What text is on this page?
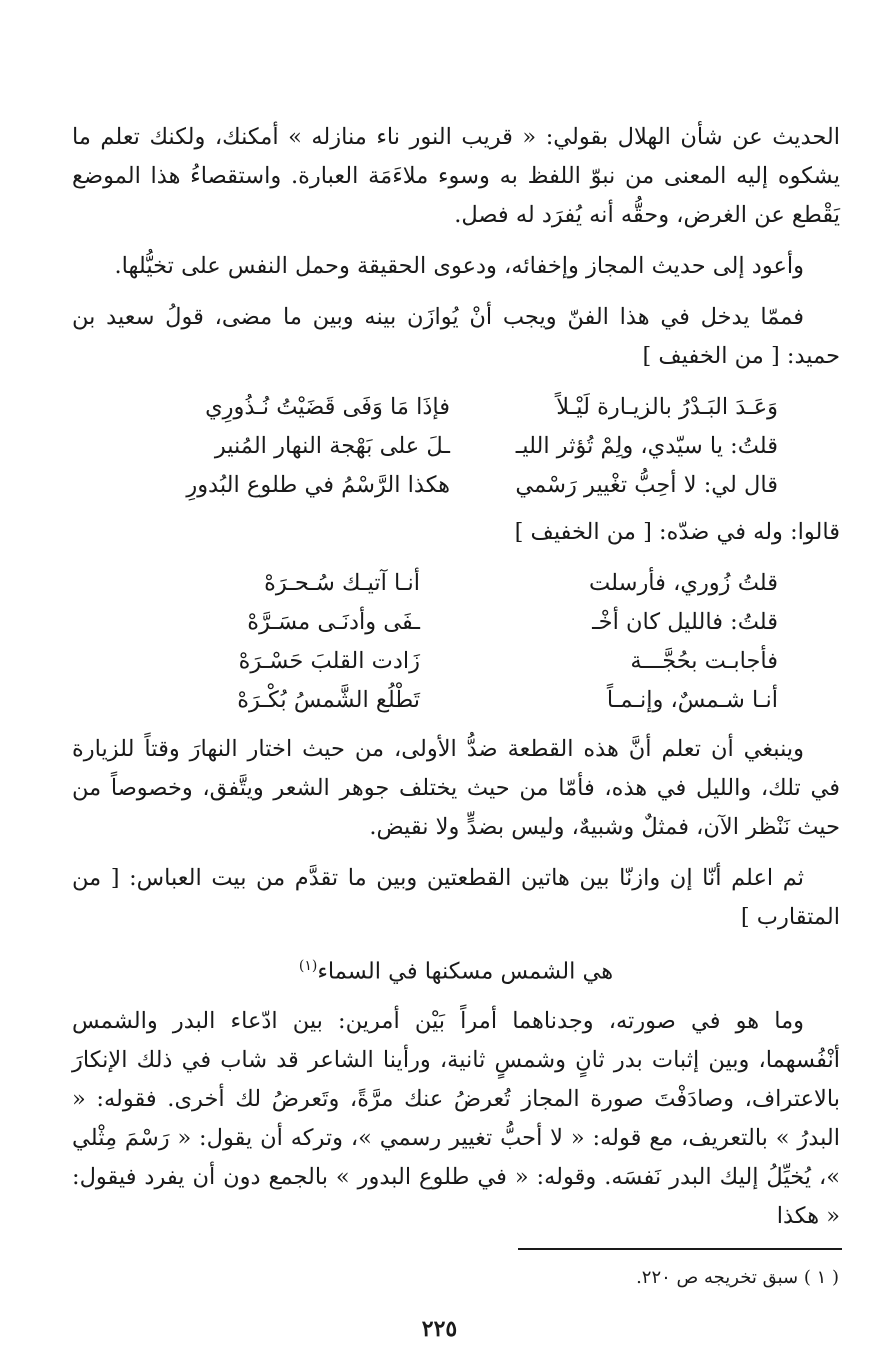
الحديث عن شأن الهلال بقولي: « قريب النور ناء منازله » أمكنك، ولكنك تعلم ما يشكوه إليه المعنى من نبوّ اللفظ به وسوء ملاءَمَة العبارة. واستقصاءُ هذا الموضع يَقْطع عن الغرض، وحقُّه أنه يُفرَد له فصل.

وأعود إلى حديث المجاز وإخفائه، ودعوى الحقيقة وحمل النفس على تخيُّلها.

فممّا يدخل في هذا الفنّ ويجب أنْ يُوازَن بينه وبين ما مضى، قولُ سعيد بن حميد: [ من الخفيف ]

وَعَـدَ البَـدْرُ بالزيـارة لَيْـلاً
فإذَا مَا وَفَى قَضَيْتُ نُـذُورِي
قلتُ: يا سيّدي، ولِمْ تُؤثر الليـ
ـلَ على بَهْجة النهار المُنير
قال لي: لا أحِبُّ تغْيير رَسْمي
هكذا الرَّسْمُ في طلوع البُدورِ

قالوا: وله في ضدّه: [ من الخفيف ]

قلتُ زُوري، فأرسلت
أنـا آتيـك سُـحـرَهْ
قلتُ: فالليل كان أخْـ
ـفَى وأدنَـى مسَـرَّهْ
فأجابـت بحُجَّـــة
زَادت القلبَ حَسْـرَهْ
أنـا شـمسٌ، وإنـمـاً
تَطْلُع الشَّمسُ بُكْـرَهْ

وينبغي أن تعلم أنَّ هذه القطعة ضدُّ الأولى، من حيث اختار النهارَ وقتاً للزيارة في تلك، والليل في هذه، فأمّا من حيث يختلف جوهر الشعر ويتَّفق، وخصوصاً من حيث نَنْظر الآن، فمثلٌ وشبيهٌ، وليس بضدٍّ ولا نقيض.

ثم اعلم أنّا إن وازنّا بين هاتين القطعتين وبين ما تقدَّم من بيت العباس: [ من المتقارب ]

هي الشمس مسكنها في السماء$^{(١)}$

وما هو في صورته، وجدناهما أمراً بَيْن أمرين: بين ادّعاء البدر والشمس أنْفُسهما، وبين إثبات بدر ثانٍ وشمسٍ ثانية، ورأينا الشاعر قد شاب في ذلك الإنكارَ بالاعتراف، وصادَفْتَ صورة المجاز تُعرضُ عنك مرَّةً، وتَعرضُ لك أخرى. فقوله: « البدرُ » بالتعريف، مع قوله: « لا أحبُّ تغيير رسمي »، وتركه أن يقول: « رَسْمَ مِثْلي »، يُخيِّلُ إليك البدر نَفسَه. وقوله: « في طلوع البدور » بالجمع دون أن يفرد فيقول: « هكذا

( ١ ) سبق تخريجه ص ٢٢٠.
٢٢٥
